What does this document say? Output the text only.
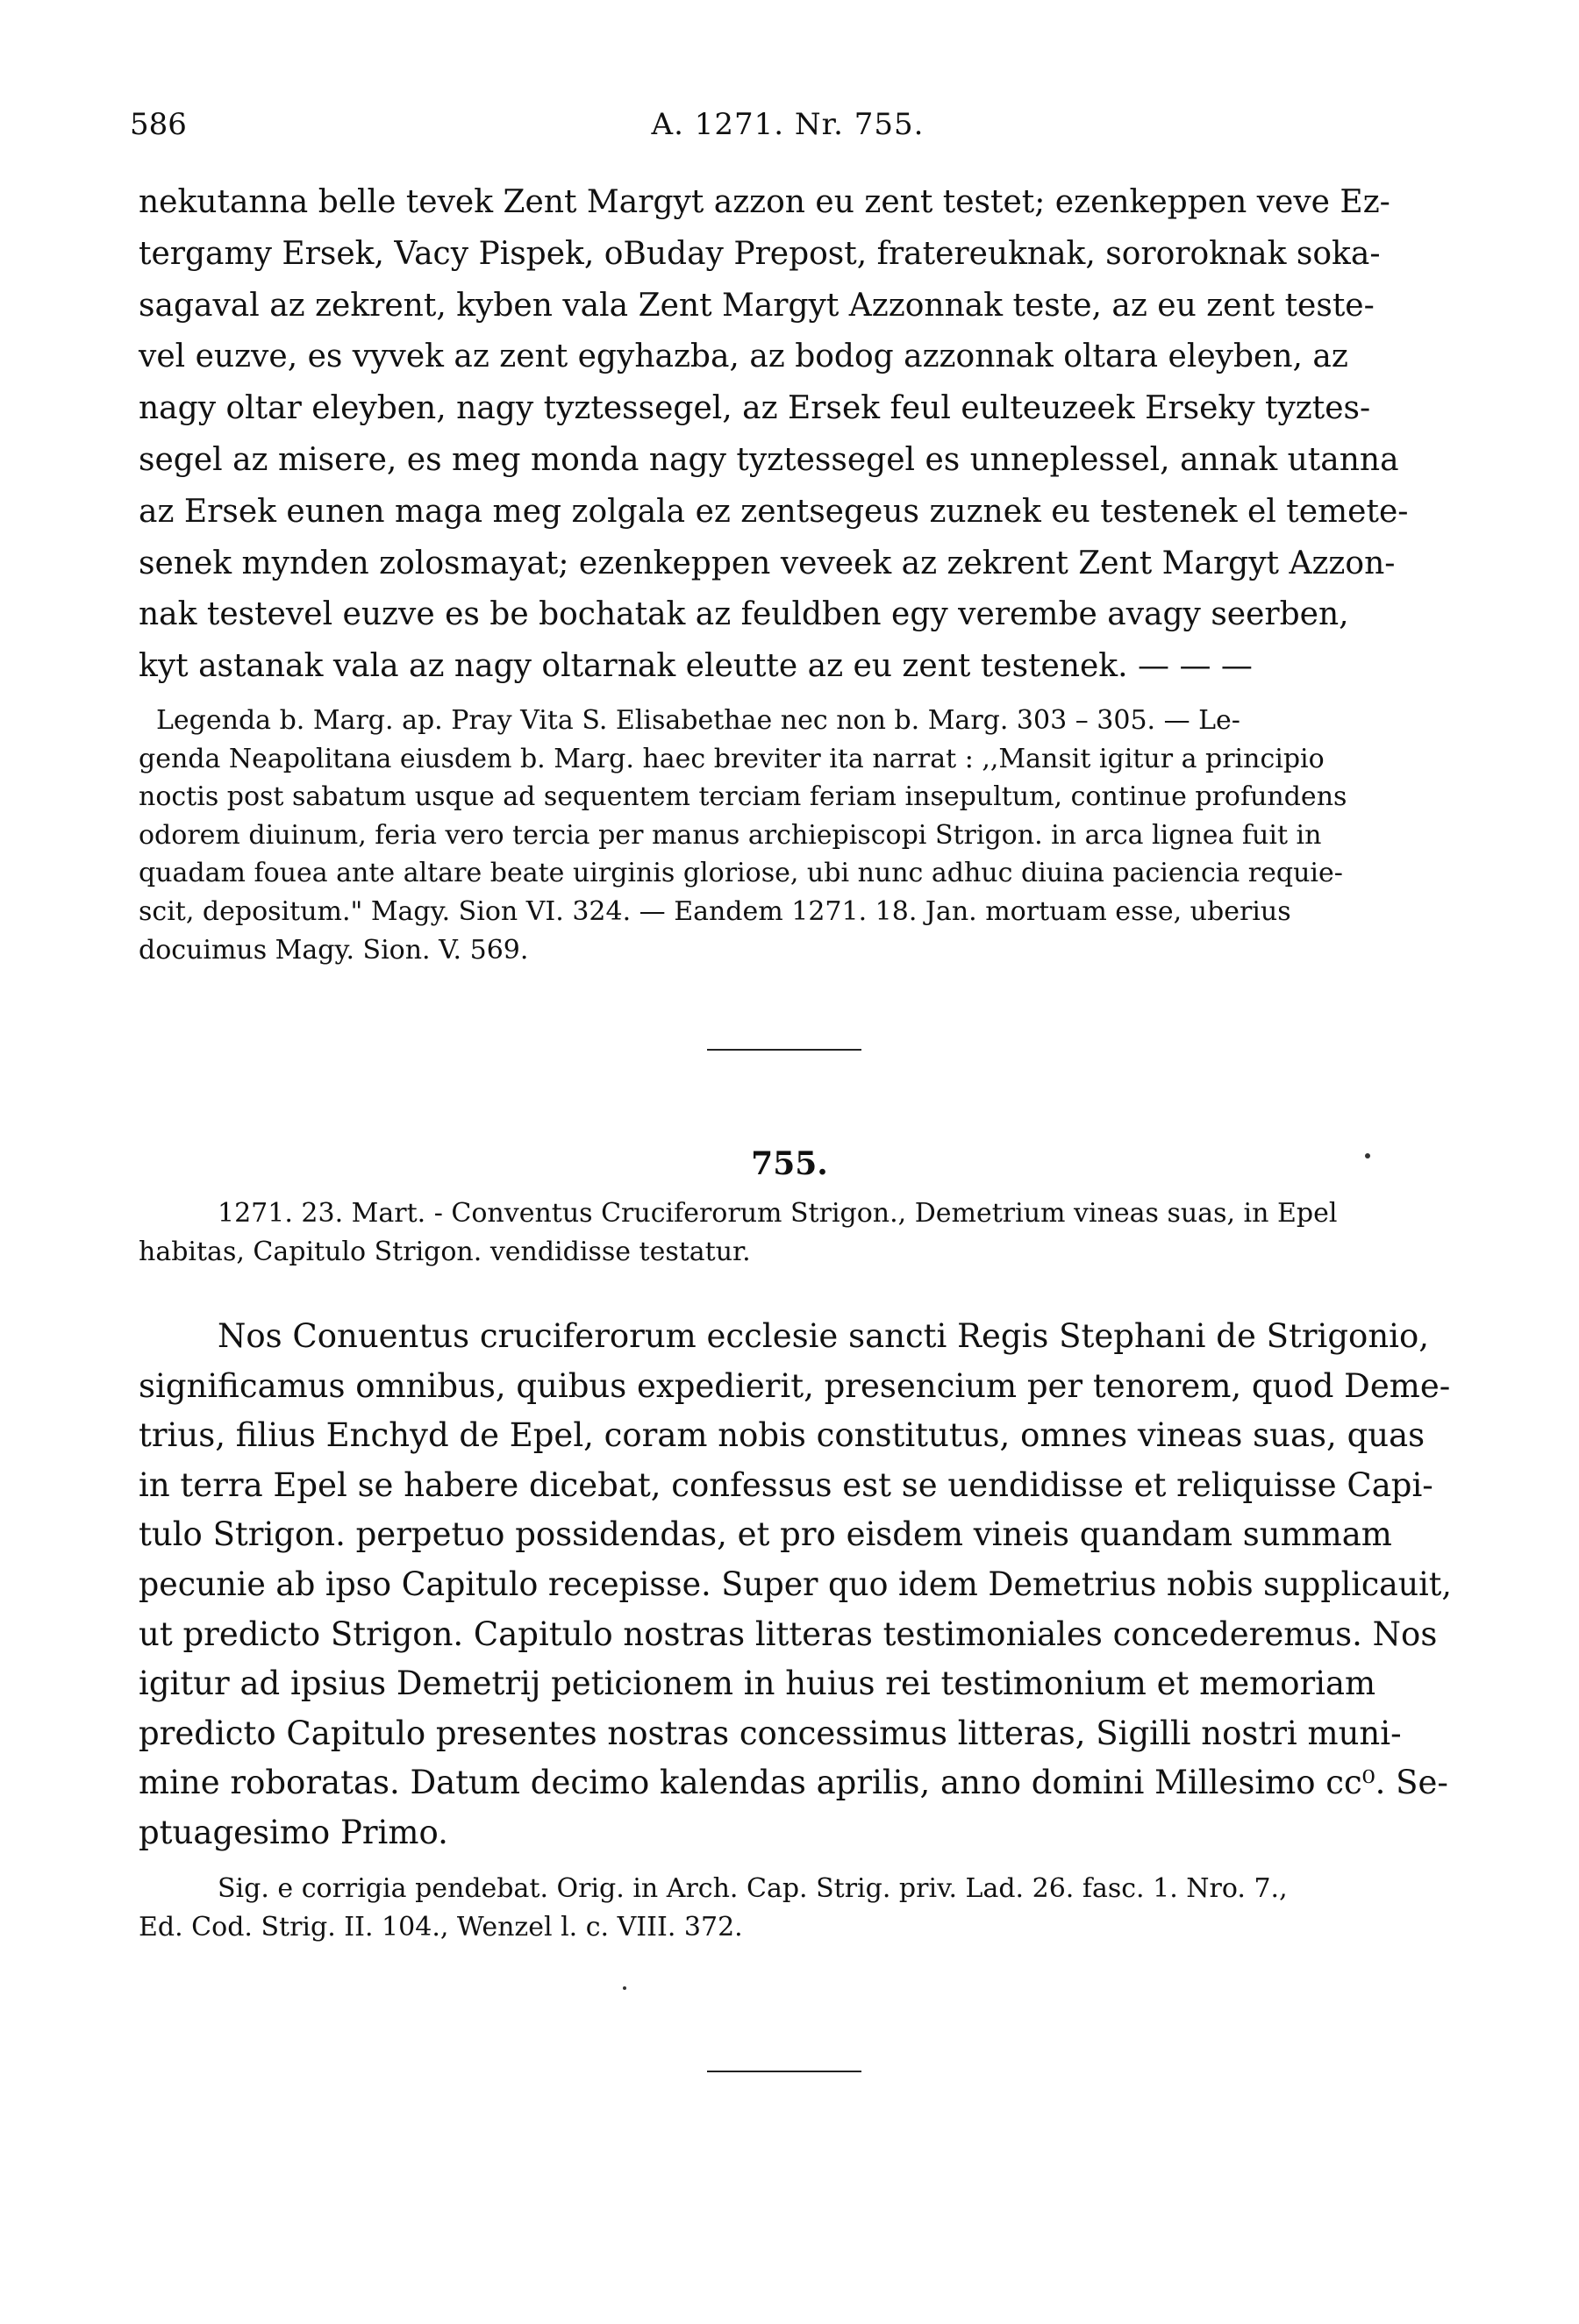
586	A. 1271. Nr. 755.
nekutanna belle tevek Zent Margyt azzon eu zent testet; ezenkeppen veve Ez-
tergamy Ersek, Vacy Pispek, oBuday Prepost, fratereuknak, sororoknak soka-
sagaval az zekrent, kyben vala Zent Margyt Azzonnak teste, az eu zent teste-
vel euzve, es vyvek az zent egyhazba, az bodog azzonnak oltara eleyben, az
nagy oltar eleyben, nagy tyztessegel, az Ersek feul eulteuzeek Erseky tyztes-
segel az misere, es meg monda nagy tyztessegel es unneplessel, annak utanna
az Ersek eunen maga meg zolgala ez zentsegeus zuznek eu testenek el temete-
senek mynden zolosmayat; ezenkeppen veveek az zekrent Zent Margyt Azzon-
nak testevel euzve es be bochatak az feuldben egy verembe avagy seerben,
kyt astanak vala az nagy oltarnak eleutte az eu zent testenek. — — —
Legenda b. Marg. ap. Pray Vita S. Elisabethae nec non b. Marg. 303 – 305. — Le-
genda Neapolitana eiusdem b. Marg. haec breviter ita narrat : ,,Mansit igitur a principio
noctis post sabatum usque ad sequentem terciam feriam insepultum, continue profundens
odorem diuinum, feria vero tercia per manus archiepiscopi Strigon. in arca lignea fuit in
quadam fouea ante altare beate uirginis gloriose, ubi nunc adhuc diuina paciencia requie-
scit, depositum." Magy. Sion VI. 324. — Eandem 1271. 18. Jan. mortuam esse, uberius
docuimus Magy. Sion. V. 569.
755.
1271. 23. Mart. - Conventus Cruciferorum Strigon., Demetrium vineas suas, in Epel
habitas, Capitulo Strigon. vendidisse testatur.
Nos Conuentus cruciferorum ecclesie sancti Regis Stephani de Strigonio,
significamus omnibus, quibus expedierit, presencium per tenorem, quod Deme-
trius, filius Enchyd de Epel, coram nobis constitutus, omnes vineas suas, quas
in terra Epel se habere dicebat, confessus est se uendidisse et reliquisse Capi-
tulo Strigon. perpetuo possidendas, et pro eisdem vineis quandam summam
pecunie ab ipso Capitulo recepisse. Super quo idem Demetrius nobis supplicauit,
ut predicto Strigon. Capitulo nostras litteras testimoniales concederemus. Nos
igitur ad ipsius Demetrij peticionem in huius rei testimonium et memoriam
predicto Capitulo presentes nostras concessimus litteras, Sigilli nostri muni-
mine roboratas. Datum decimo kalendas aprilis, anno domini Millesimo cc⁰. Se-
ptuagesimo Primo.
Sig. e corrigia pendebat. Orig. in Arch. Cap. Strig. priv. Lad. 26. fasc. 1. Nro. 7.,
Ed. Cod. Strig. II. 104., Wenzel l. c. VIII. 372.
